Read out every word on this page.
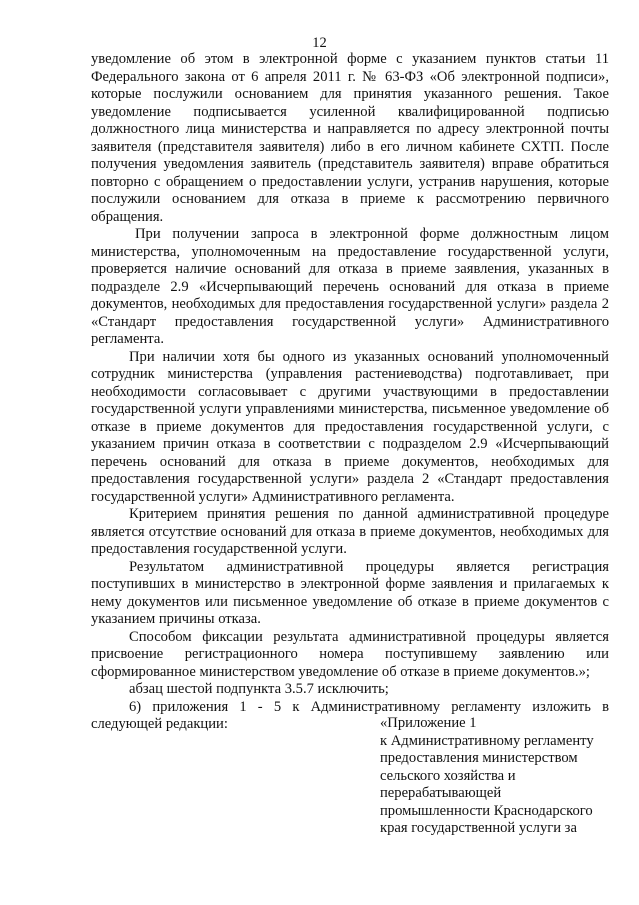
12

уведомление об этом в электронной форме с указанием пунктов статьи 11 Федерального закона от 6 апреля 2011 г. № 63-ФЗ «Об электронной подписи», которые послужили основанием для принятия указанного решения. Такое уведомление подписывается усиленной квалифицированной подписью должностного лица министерства и направляется по адресу электронной почты заявителя (представителя заявителя) либо в его личном кабинете СХТП. После получения уведомления заявитель (представитель заявителя) вправе обратиться повторно с обращением о предоставлении услуги, устранив нарушения, которые послужили основанием для отказа в приеме к рассмотрению первичного обращения.

При получении запроса в электронной форме должностным лицом министерства, уполномоченным на предоставление государственной услуги, проверяется наличие оснований для отказа в приеме заявления, указанных в подразделе 2.9 «Исчерпывающий перечень оснований для отказа в приеме документов, необходимых для предоставления государственной услуги» раздела 2 «Стандарт предоставления государственной услуги» Административного регламента.

При наличии хотя бы одного из указанных оснований уполномоченный сотрудник министерства (управления растениеводства) подготавливает, при необходимости согласовывает с другими участвующими в предоставлении государственной услуги управлениями министерства, письменное уведомление об отказе в приеме документов для предоставления государственной услуги, с указанием причин отказа в соответствии с подразделом 2.9 «Исчерпывающий перечень оснований для отказа в приеме документов, необходимых для предоставления государственной услуги» раздела 2 «Стандарт предоставления государственной услуги» Административного регламента.

Критерием принятия решения по данной административной процедуре является отсутствие оснований для отказа в приеме документов, необходимых для предоставления государственной услуги.

Результатом административной процедуры является регистрация поступивших в министерство в электронной форме заявления и прилагаемых к нему документов или письменное уведомление об отказе в приеме документов с указанием причины отказа.

Способом фиксации результата административной процедуры является присвоение регистрационного номера поступившему заявлению или сформированное министерством уведомление об отказе в приеме документов.»;

абзац шестой подпункта 3.5.7 исключить;

6) приложения 1 - 5 к Административному регламенту изложить в следующей редакции:	«Приложение 1
к Административному регламенту
предоставления министерством
сельского хозяйства и
перерабатывающей
промышленности Краснодарского
края государственной услуги за
